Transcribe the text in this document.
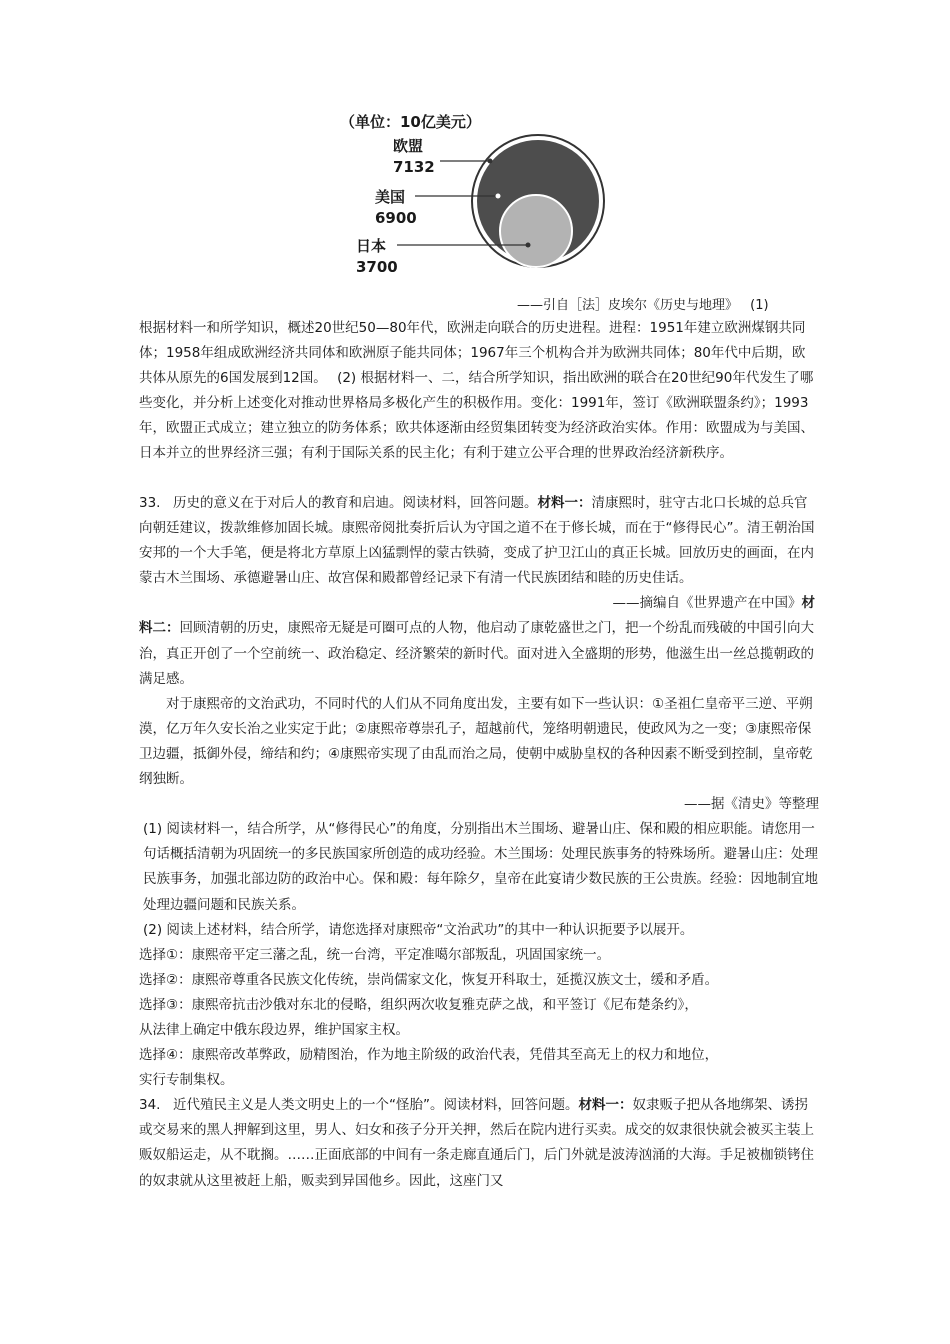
（单位：10亿美元）
欧盟
7132
美国
6900
日本
3700
——引自［法］皮埃尔《历史与地理》 (1)

根据材料一和所学知识，概述20世纪50—80年代，欧洲走向联合的历史进程。进程：1951年建立欧洲煤钢共同体；1958年组成欧洲经济共同体和欧洲原子能共同体；1967年三个机构合并为欧洲共同体；80年代中后期，欧共体从原先的6国发展到12国。 (2) 根据材料一、二，结合所学知识，指出欧洲的联合在20世纪90年代发生了哪些变化，并分析上述变化对推动世界格局多极化产生的积极作用。变化：1991年，签订《欧洲联盟条约》；1993年，欧盟正式成立；建立独立的防务体系；欧共体逐渐由经贸集团转变为经济政治实体。作用：欧盟成为与美国、日本并立的世界经济三强；有利于国际关系的民主化；有利于建立公平合理的世界政治经济新秩序。

33. 历史的意义在于对后人的教育和启迪。阅读材料，回答问题。材料一：清康熙时，驻守古北口长城的总兵官向朝廷建议，拨款维修加固长城。康熙帝阅批奏折后认为守国之道不在于修长城，而在于“修得民心”。清王朝治国安邦的一个大手笔，便是将北方草原上凶猛剽悍的蒙古铁骑，变成了护卫江山的真正长城。回放历史的画面，在内蒙古木兰围场、承德避暑山庄、故宫保和殿都曾经记录下有清一代民族团结和睦的历史佳话。

——摘编自《世界遗产在中国》材

料二：回顾清朝的历史，康熙帝无疑是可圈可点的人物，他启动了康乾盛世之门，把一个纷乱而残破的中国引向大治，真正开创了一个空前统一、政治稳定、经济繁荣的新时代。面对进入全盛期的形势，他滋生出一丝总揽朝政的满足感。

对于康熙帝的文治武功，不同时代的人们从不同角度出发，主要有如下一些认识：①圣祖仁皇帝平三逆、平朔漠，亿万年久安长治之业实定于此；②康熙帝尊崇孔子，超越前代，笼络明朝遗民，使政风为之一变；③康熙帝保卫边疆，抵御外侵，缔结和约；④康熙帝实现了由乱而治之局，使朝中威胁皇权的各种因素不断受到控制，皇帝乾纲独断。

——据《清史》等整理

(1) 阅读材料一，结合所学，从“修得民心”的角度，分别指出木兰围场、避暑山庄、保和殿的相应职能。请您用一句话概括清朝为巩固统一的多民族国家所创造的成功经验。木兰围场：处理民族事务的特殊场所。避暑山庄：处理民族事务，加强北部边防的政治中心。保和殿：每年除夕，皇帝在此宴请少数民族的王公贵族。经验：因地制宜地处理边疆问题和民族关系。

(2) 阅读上述材料，结合所学，请您选择对康熙帝“文治武功”的其中一种认识扼要予以展开。

选择①：康熙帝平定三藩之乱，统一台湾，平定准噶尔部叛乱，巩固国家统一。

选择②：康熙帝尊重各民族文化传统，崇尚儒家文化，恢复开科取士，延揽汉族文士，缓和矛盾。

选择③：康熙帝抗击沙俄对东北的侵略，组织两次收复雅克萨之战，和平签订《尼布楚条约》，

从法律上确定中俄东段边界，维护国家主权。

选择④：康熙帝改革弊政，励精图治，作为地主阶级的政治代表，凭借其至高无上的权力和地位，

实行专制集权。

34. 近代殖民主义是人类文明史上的一个“怪胎”。阅读材料，回答问题。材料一：奴隶贩子把从各地绑架、诱拐或交易来的黑人押解到这里，男人、妇女和孩子分开关押，然后在院内进行买卖。成交的奴隶很快就会被买主装上贩奴船运走，从不耽搁。……正面底部的中间有一条走廊直通后门，后门外就是波涛汹涌的大海。手足被枷锁铐住的奴隶就从这里被赶上船，贩卖到异国他乡。因此，这座门又
